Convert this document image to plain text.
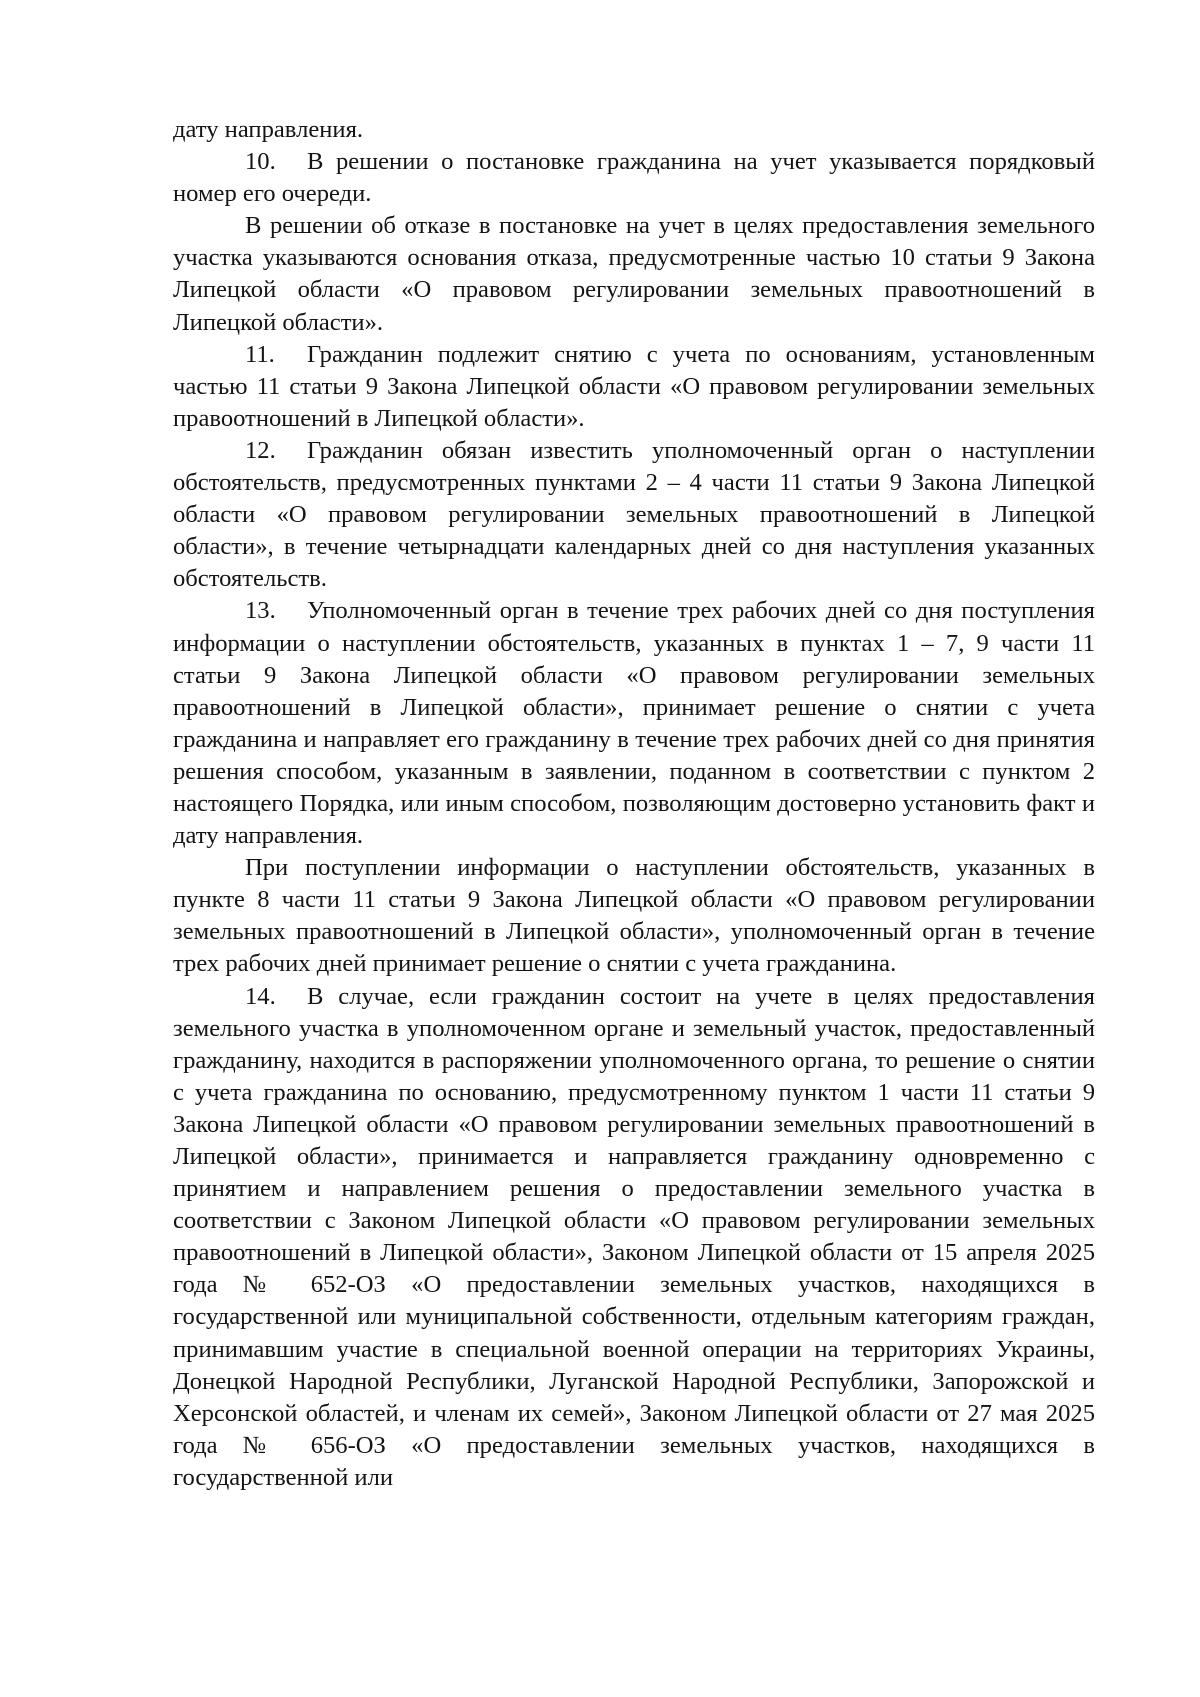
дату направления.

10. В решении о постановке гражданина на учет указывается порядковый номер его очереди.

В решении об отказе в постановке на учет в целях предоставления земельного участка указываются основания отказа, предусмотренные частью 10 статьи 9 Закона Липецкой области «О правовом регулировании земельных правоотношений в Липецкой области».

11. Гражданин подлежит снятию с учета по основаниям, установленным частью 11 статьи 9 Закона Липецкой области «О правовом регулировании земельных правоотношений в Липецкой области».

12. Гражданин обязан известить уполномоченный орган о наступлении обстоятельств, предусмотренных пунктами 2 – 4 части 11 статьи 9 Закона Липецкой области «О правовом регулировании земельных правоотношений в Липецкой области», в течение четырнадцати календарных дней со дня наступления указанных обстоятельств.

13. Уполномоченный орган в течение трех рабочих дней со дня поступления информации о наступлении обстоятельств, указанных в пунктах 1 – 7, 9 части 11 статьи 9 Закона Липецкой области «О правовом регулировании земельных правоотношений в Липецкой области», принимает решение о снятии с учета гражданина и направляет его гражданину в течение трех рабочих дней со дня принятия решения способом, указанным в заявлении, поданном в соответствии с пунктом 2 настоящего Порядка, или иным способом, позволяющим достоверно установить факт и дату направления.

При поступлении информации о наступлении обстоятельств, указанных в пункте 8 части 11 статьи 9 Закона Липецкой области «О правовом регулировании земельных правоотношений в Липецкой области», уполномоченный орган в течение трех рабочих дней принимает решение о снятии с учета гражданина.

14. В случае, если гражданин состоит на учете в целях предоставления земельного участка в уполномоченном органе и земельный участок, предоставленный гражданину, находится в распоряжении уполномоченного органа, то решение о снятии с учета гражданина по основанию, предусмотренному пунктом 1 части 11 статьи 9 Закона Липецкой области «О правовом регулировании земельных правоотношений в Липецкой области», принимается и направляется гражданину одновременно с принятием и направлением решения о предоставлении земельного участка в соответствии с Законом Липецкой области «О правовом регулировании земельных правоотношений в Липецкой области», Законом Липецкой области от 15 апреля 2025 года № 652-ОЗ «О предоставлении земельных участков, находящихся в государственной или муниципальной собственности, отдельным категориям граждан, принимавшим участие в специальной военной операции на территориях Украины, Донецкой Народной Республики, Луганской Народной Республики, Запорожской и Херсонской областей, и членам их семей», Законом Липецкой области от 27 мая 2025 года № 656-ОЗ «О предоставлении земельных участков, находящихся в государственной или
